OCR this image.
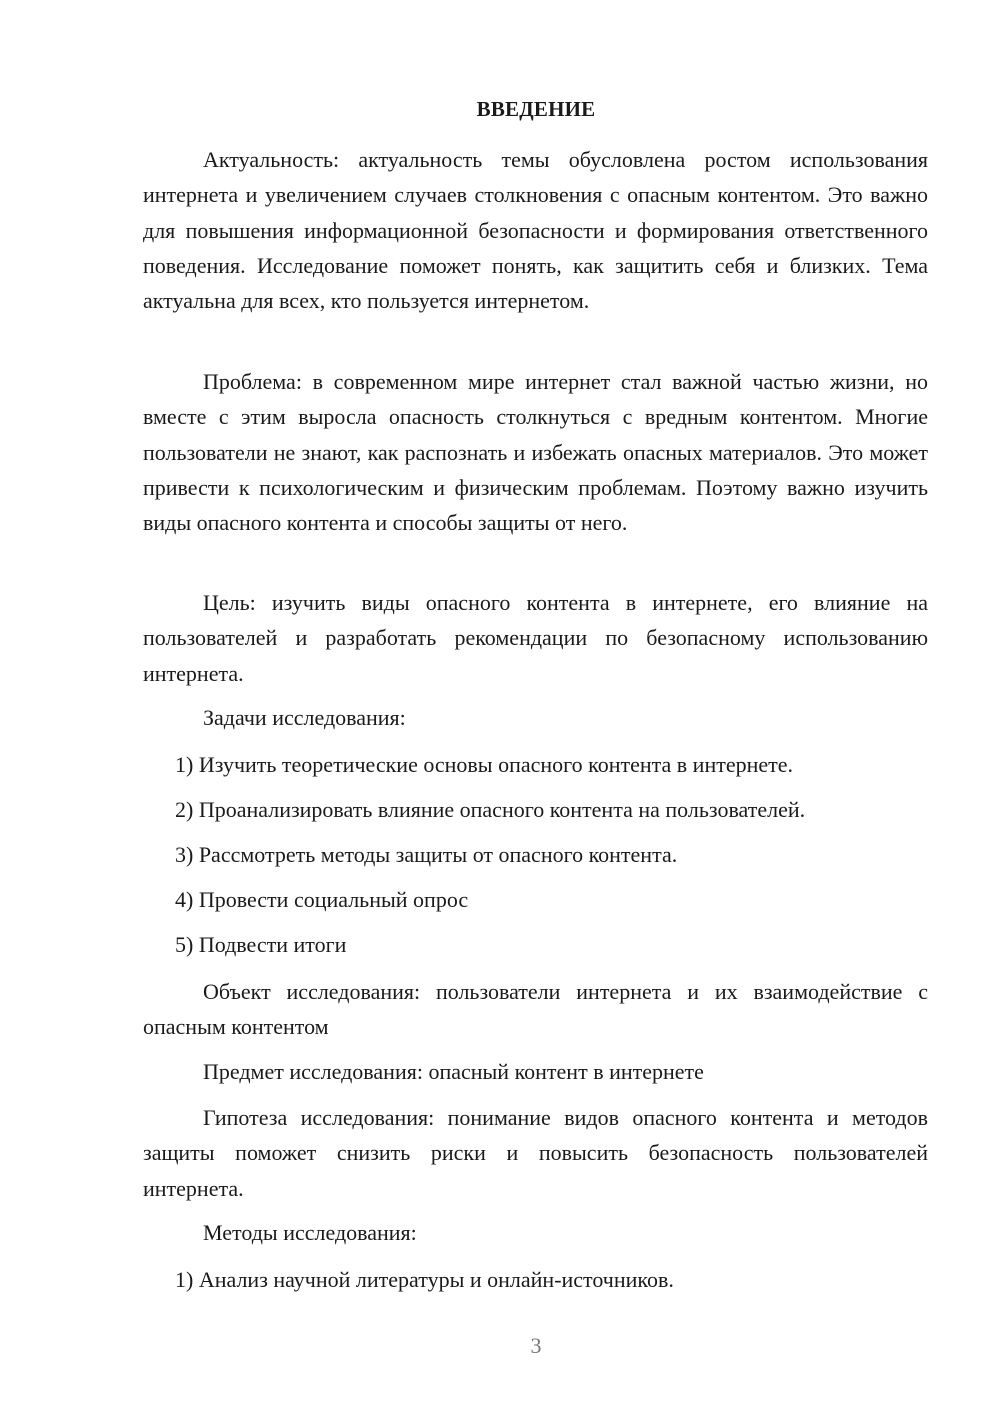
ВВЕДЕНИЕ

Актуальность: актуальность темы обусловлена ростом использования интернета и увеличением случаев столкновения с опасным контентом. Это важно для повышения информационной безопасности и формирования ответственного поведения. Исследование поможет понять, как защитить себя и близких. Тема актуальна для всех, кто пользуется интернетом.

Проблема: в современном мире интернет стал важной частью жизни, но вместе с этим выросла опасность столкнуться с вредным контентом. Многие пользователи не знают, как распознать и избежать опасных материалов. Это может привести к психологическим и физическим проблемам. Поэтому важно изучить виды опасного контента и способы защиты от него.

Цель: изучить виды опасного контента в интернете, его влияние на пользователей и разработать рекомендации по безопасному использованию интернета.

Задачи исследования:
1) Изучить теоретические основы опасного контента в интернете.
2) Проанализировать влияние опасного контента на пользователей.
3) Рассмотреть методы защиты от опасного контента.
4) Провести социальный опрос
5) Подвести итоги

Объект исследования: пользователи интернета и их взаимодействие с опасным контентом

Предмет исследования: опасный контент в интернете

Гипотеза исследования: понимание видов опасного контента и методов защиты поможет снизить риски и повысить безопасность пользователей интернета.

Методы исследования:
1) Анализ научной литературы и онлайн-источников.
3
